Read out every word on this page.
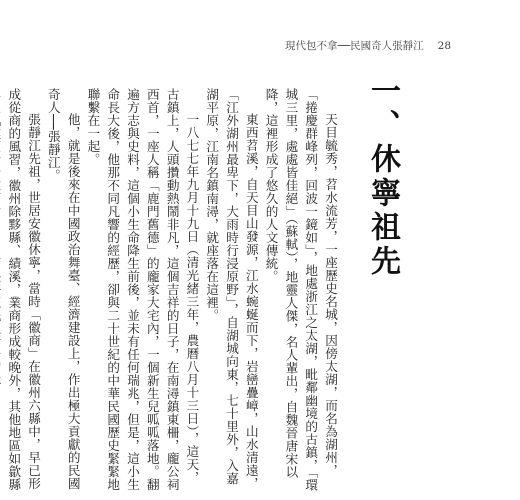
現代包不拿──民國奇人張靜江 28
一、休寧祖先

天目毓秀，苕水流芳，一座歷史名城，因傍太湖，而名為湖州，「捲慶群峰列，回波一鏡如」，地處浙江之太湖，毗鄰幽境的古鎮，「環城三里，處處皆佳絕」（蘇軾），地靈人傑，名人輩出，自魏晉唐宋以降，這裡形成了悠久的人文傳統。

東西苕溪，自天目山發源，江水蜿蜒而下，岩巒疊嶂，山水清遠，「江外湖州最卑下，大雨時行浸原野」，自湖城向東，七十里外，入嘉湖平原，江南名鎮南潯，就座落在這裡。

一八七七年九月十九日（清光緒三年，農曆八月十三日），這天，古鎮上，人頭攢動熱鬧非凡，這個吉祥的日子，在南潯鎮東柵，龐公祠西首，一座人稱「鹿門舊德」的龐家大宅內，一個新生兒呱呱落地。翻遍方志與史料，這個小生命降生前後，並未有任何瑞兆，但是，這小生命長大後，他那不同凡響的經歷，卻與二十世紀的中華民國歷史緊緊地聯繫在一起。

他，就是後來在中國政治舞臺、經濟建設上，作出極大貢獻的民國奇人──張靜江。

張靜江先祖，世居安徽休寧，當時「徽商」在徽州六縣中，早已形成從商的風習，徽州除黟縣、績溪，業商形成較晚外，其他地區如歙縣
